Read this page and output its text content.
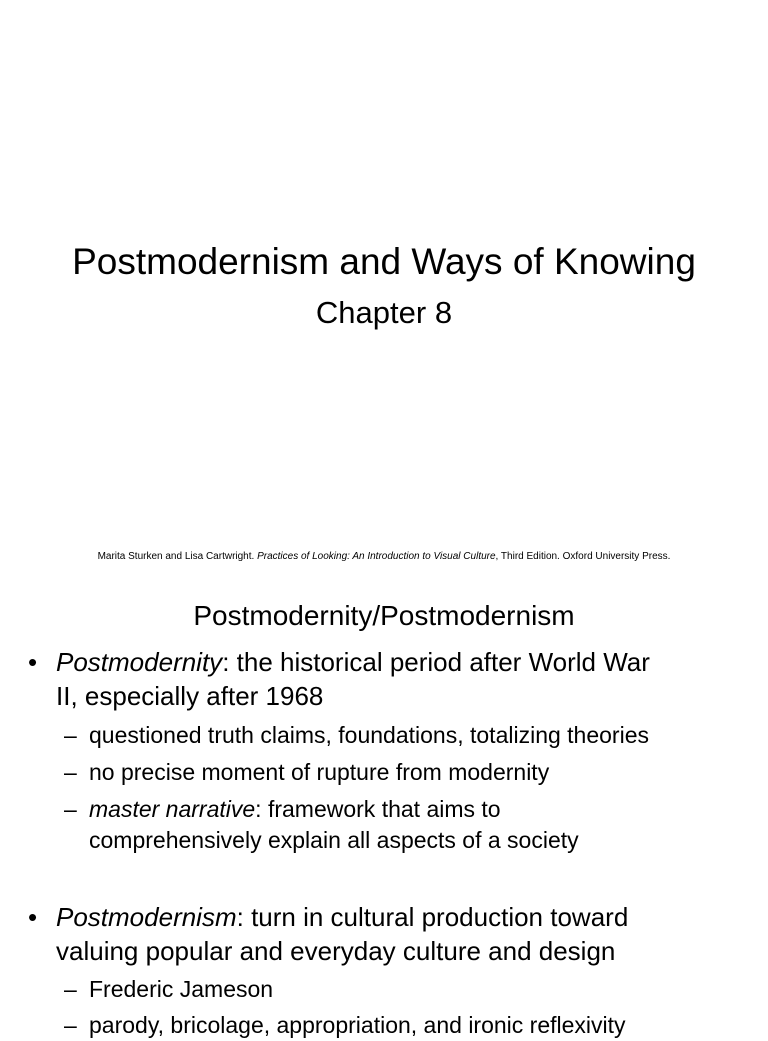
Postmodernism and Ways of Knowing
Chapter 8
Marita Sturken and Lisa Cartwright. Practices of Looking: An Introduction to Visual Culture, Third Edition. Oxford University Press.
Postmodernity/Postmodernism
• Postmodernity: the historical period after World War
II, especially after 1968
– questioned truth claims, foundations, totalizing theories
– no precise moment of rupture from modernity
– master narrative: framework that aims to
comprehensively explain all aspects of a society
• Postmodernism: turn in cultural production toward
valuing popular and everyday culture and design
– Frederic Jameson
– parody, bricolage, appropriation, and ironic reflexivity
